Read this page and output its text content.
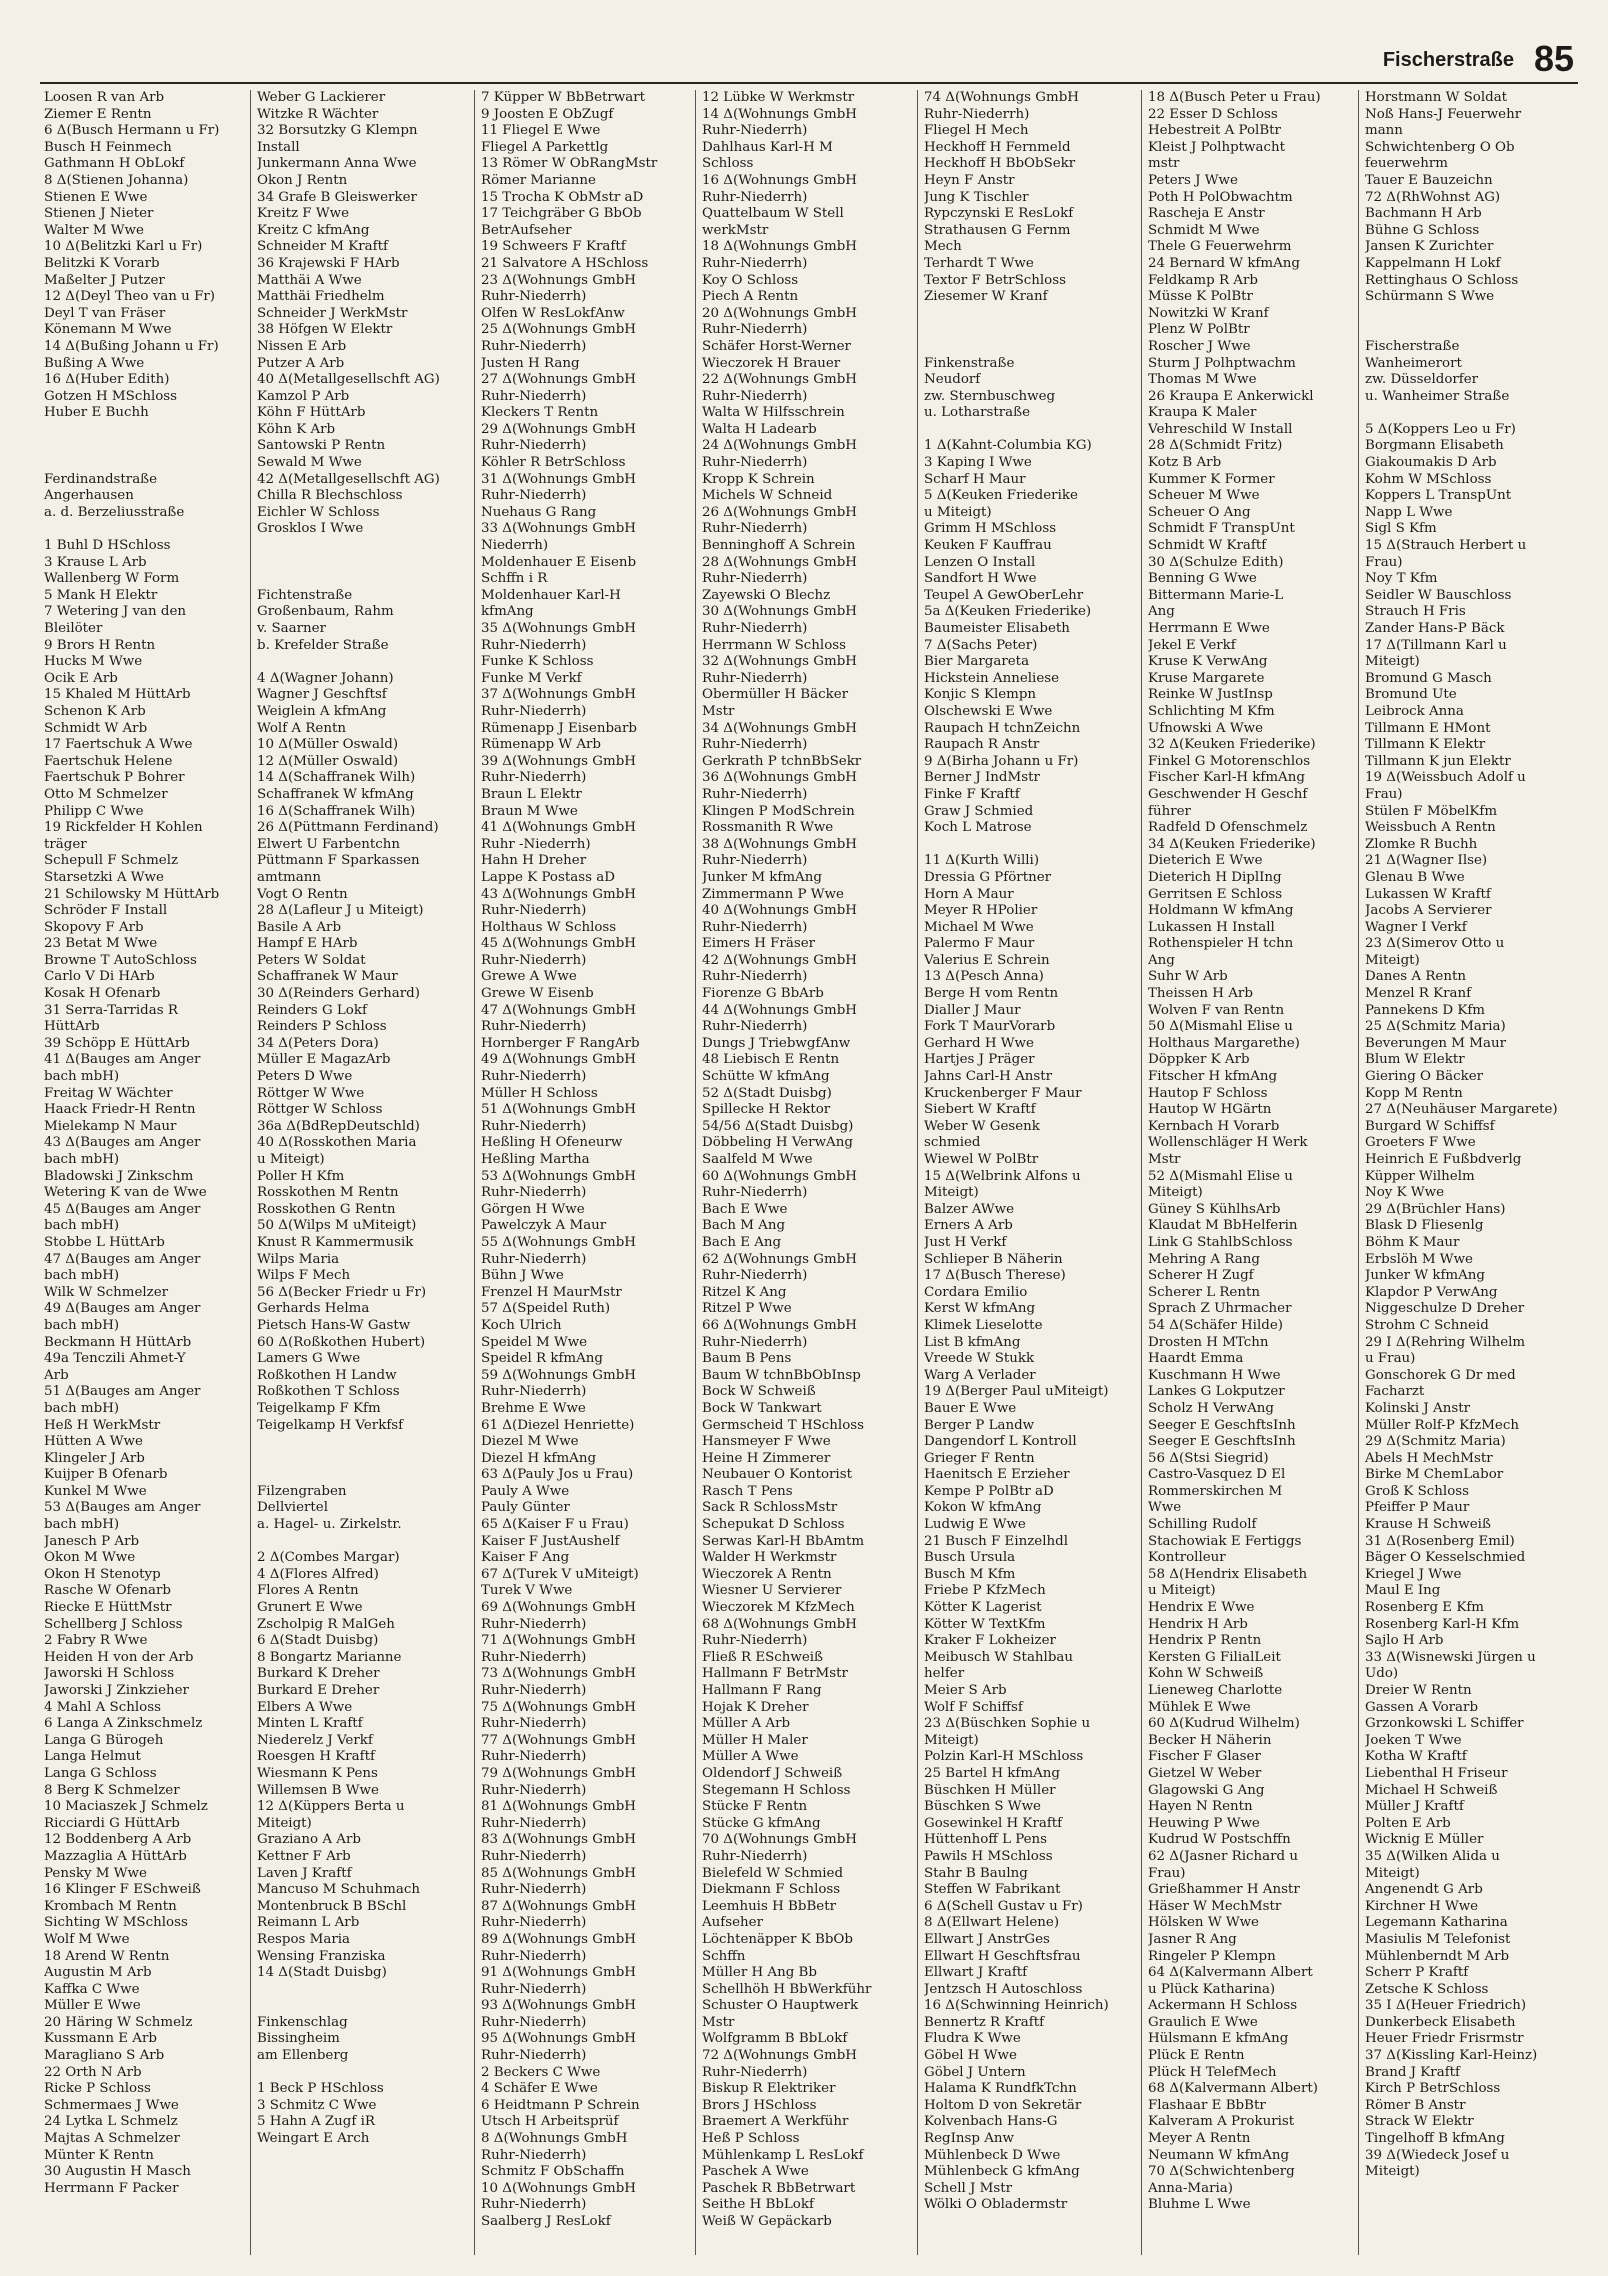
Fischerstraße 85
Loosen R van Arb
Ziemer E Rentn
6 Δ(Busch Hermann u Fr)
Busch H Feinmech
Gathmann H ObLokf
8 Δ(Stienen Johanna)
Stienen E Wwe
Stienen J Nieter
Walter M Wwe
10 Δ(Belitzki Karl u Fr)
Belitzki K Vorarb
Maßelter J Putzer
12 Δ(Deyl Theo van u Fr)
Deyl T van Fräser
Könemann M Wwe
14 Δ(Bußing Johann u Fr)
Bußing A Wwe
16 Δ(Huber Edith)
Gotzen H MSchloss
Huber E Buchh
Ferdinandstraße
Angerhausen
a. d. Berzeliusstraße
1 Buhl D HSchloss
3 Krause L Arb
Wallenberg W Form
5 Mank H Elektr
7 Wetering J van den
Bleilöter
9 Brors H Rentn
Hucks M Wwe
Ocik E Arb
15 Khaled M HüttArb
Schenon K Arb
Schmidt W Arb
17 Faertschuk A Wwe
Faertschuk Helene
Faertschuk P Bohrer
Otto M Schmelzer
Philipp C Wwe
19 Rickfelder H Kohlen
träger
Schepull F Schmelz
Starsetzki A Wwe
21 Schilowsky M HüttArb
Schröder F Install
Skopovy F Arb
23 Betat M Wwe
Browne T AutoSchloss
Carlo V Di HArb
Kosak H Ofenarb
31 Serra-Tarridas R
HüttArb
39 Schöpp E HüttArb
41 Δ(Bauges am Anger
bach mbH)
Freitag W Wächter
Haack Friedr-H Rentn
Mielekamp N Maur
43 Δ(Bauges am Anger
bach mbH)
Bladowski J Zinkschm
Wetering K van de Wwe
45 Δ(Bauges am Anger
bach mbH)
Stobbe L HüttArb
47 Δ(Bauges am Anger
bach mbH)
Wilk W Schmelzer
49 Δ(Bauges am Anger
bach mbH)
Beckmann H HüttArb
49a Tenczili Ahmet-Y
Arb
51 Δ(Bauges am Anger
bach mbH)
Heß H WerkMstr
Hütten A Wwe
Klingeler J Arb
Kuijper B Ofenarb
Kunkel M Wwe
53 Δ(Bauges am Anger
bach mbH)
Janesch P Arb
Okon M Wwe
Okon H Stenotyp
Rasche W Ofenarb
Riecke E HüttMstr
Schellberg J Schloss
2 Fabry R Wwe
Heiden H von der Arb
Jaworski H Schloss
Jaworski J Zinkzieher
4 Mahl A Schloss
6 Langa A Zinkschmelz
Langa G Bürogeh
Langa Helmut
Langa G Schloss
8 Berg K Schmelzer
10 Maciaszek J Schmelz
Ricciardi G HüttArb
12 Boddenberg A Arb
Mazzaglia A HüttArb
Pensky M Wwe
16 Klinger F ESchweiß
Krombach M Rentn
Sichting W MSchloss
Wolf M Wwe
18 Arend W Rentn
Augustin M Arb
Kaffka C Wwe
Müller E Wwe
20 Häring W Schmelz
Kussmann E Arb
Maragliano S Arb
22 Orth N Arb
Ricke P Schloss
Schmermaes J Wwe
24 Lytka L Schmelz
Majtas A Schmelzer
Münter K Rentn
30 Augustin H Masch
Herrmann F Packer
Weber G Lackierer
Witzke R Wächter
32 Borsutzky G Klempn
Install
Junkermann Anna Wwe
Okon J Rentn
34 Grafe B Gleiswerker
Kreitz F Wwe
Kreitz C kfmAng
Schneider M Kraftf
36 Krajewski F HArb
Matthäi A Wwe
Matthäi Friedhelm
Schneider J WerkMstr
38 Höfgen W Elektr
Nissen E Arb
Putzer A Arb
40 Δ(Metallgesellschft AG)
Kamzol P Arb
Köhn F HüttArb
Köhn K Arb
Santowski P Rentn
Sewald M Wwe
42 Δ(Metallgesellschft AG)
Chilla R Blechschloss
Eichler W Schloss
Grosklos I Wwe
Fichtenstraße
Großenbaum, Rahm
v. Saarner
b. Krefelder Straße
4 Δ(Wagner Johann)
Wagner J Geschftsf
Weiglein A kfmAng
Wolf A Rentn
10 Δ(Müller Oswald)
12 Δ(Müller Oswald)
14 Δ(Schaffranek Wilh)
Schaffranek W kfmAng
16 Δ(Schaffranek Wilh)
26 Δ(Püttmann Ferdinand)
Elwert U Farbentchn
Püttmann F Sparkassen
amtmann
Vogt O Rentn
28 Δ(Lafleur J u Miteigt)
Basile A Arb
Hampf E HArb
Peters W Soldat
Schaffranek W Maur
30 Δ(Reinders Gerhard)
Reinders G Lokf
Reinders P Schloss
34 Δ(Peters Dora)
Müller E MagazArb
Peters D Wwe
Röttger W Wwe
Röttger W Schloss
36a Δ(BdRepDeutschld)
40 Δ(Rosskothen Maria
u Miteigt)
Poller H Kfm
Rosskothen M Rentn
Rosskothen G Rentn
50 Δ(Wilps M uMiteigt)
Knust R Kammermusik
Wilps Maria
Wilps F Mech
56 Δ(Becker Friedr u Fr)
Gerhards Helma
Pietsch Hans-W Gastw
60 Δ(Roßkothen Hubert)
Lamers G Wwe
Roßkothen H Landw
Roßkothen T Schloss
Teigelkamp F Kfm
Teigelkamp H Verkfsf
Filzengraben
Dellviertel
a. Hagel- u. Zirkelstr.
2 Δ(Combes Margar)
4 Δ(Flores Alfred)
Flores A Rentn
Grunert E Wwe
Zscholpig R MalGeh
6 Δ(Stadt Duisbg)
8 Bongartz Marianne
Burkard K Dreher
Burkard E Dreher
Elbers A Wwe
Minten L Kraftf
Niederelz J Verkf
Roesgen H Kraftf
Wiesmann K Pens
Willemsen B Wwe
12 Δ(Küppers Berta u
Miteigt)
Graziano A Arb
Kettner F Arb
Laven J Kraftf
Mancuso M Schuhmach
Montenbruck B BSchl
Reimann L Arb
Respos Maria
Wensing Franziska
14 Δ(Stadt Duisbg)
Finkenschlag
Bissingheim
am Ellenberg
1 Beck P HSchloss
3 Schmitz C Wwe
5 Hahn A Zugf iR
Weingart E Arch
7 Küpper W BbBetrwart
9 Joosten E ObZugf
11 Fliegel E Wwe
Fliegel A Parkettlg
13 Römer W ObRangMstr
Römer Marianne
15 Trocha K ObMstr aD
17 Teichgräber G BbOb
BetrAufseher
19 Schweers F Kraftf
21 Salvatore A HSchloss
23 Δ(Wohnungs GmbH
Ruhr-Niederrh)
Olfen W ResLokfAnw
25 Δ(Wohnungs GmbH
Ruhr-Niederrh)
Justen H Rang
27 Δ(Wohnungs GmbH
Ruhr-Niederrh)
Kleckers T Rentn
29 Δ(Wohnungs GmbH
Ruhr-Niederrh)
Köhler R BetrSchloss
31 Δ(Wohnungs GmbH
Ruhr-Niederrh)
Nuehaus G Rang
33 Δ(Wohnungs GmbH
Niederrh)
Moldenhauer E Eisenb
Schffn i R
Moldenhauer Karl-H
kfmAng
35 Δ(Wohnungs GmbH
Ruhr-Niederrh)
Funke K Schloss
Funke M Verkf
37 Δ(Wohnungs GmbH
Ruhr-Niederrh)
Rümenapp J Eisenbarb
Rümenapp W Arb
39 Δ(Wohnungs GmbH
Ruhr-Niederrh)
Braun L Elektr
Braun M Wwe
41 Δ(Wohnungs GmbH
Ruhr -Niederrh)
Hahn H Dreher
Lappe K Postass aD
43 Δ(Wohnungs GmbH
Ruhr-Niederrh)
Holthaus W Schloss
45 Δ(Wohnungs GmbH
Ruhr-Niederrh)
Grewe A Wwe
Grewe W Eisenb
47 Δ(Wohnungs GmbH
Ruhr-Niederrh)
Hornberger F RangArb
49 Δ(Wohnungs GmbH
Ruhr-Niederrh)
Müller H Schloss
51 Δ(Wohnungs GmbH
Ruhr-Niederrh)
Heßling H Ofeneurw
Heßling Martha
53 Δ(Wohnungs GmbH
Ruhr-Niederrh)
Görgen H Wwe
Pawelczyk A Maur
55 Δ(Wohnungs GmbH
Ruhr-Niederrh)
Bühn J Wwe
Frenzel H MaurMstr
57 Δ(Speidel Ruth)
Koch Ulrich
Speidel M Wwe
Speidel R kfmAng
59 Δ(Wohnungs GmbH
Ruhr-Niederrh)
Brehme E Wwe
61 Δ(Diezel Henriette)
Diezel M Wwe
Diezel H kfmAng
63 Δ(Pauly Jos u Frau)
Pauly A Wwe
Pauly Günter
65 Δ(Kaiser F u Frau)
Kaiser F JustAushelf
Kaiser F Ang
67 Δ(Turek V uMiteigt)
Turek V Wwe
69 Δ(Wohnungs GmbH
Ruhr-Niederrh)
71 Δ(Wohnungs GmbH
Ruhr-Niederrh)
73 Δ(Wohnungs GmbH
Ruhr-Niederrh)
75 Δ(Wohnungs GmbH
Ruhr-Niederrh)
77 Δ(Wohnungs GmbH
Ruhr-Niederrh)
79 Δ(Wohnungs GmbH
Ruhr-Niederrh)
81 Δ(Wohnungs GmbH
Ruhr-Niederrh)
83 Δ(Wohnungs GmbH
Ruhr-Niederrh)
85 Δ(Wohnungs GmbH
Ruhr-Niederrh)
87 Δ(Wohnungs GmbH
Ruhr-Niederrh)
89 Δ(Wohnungs GmbH
Ruhr-Niederrh)
91 Δ(Wohnungs GmbH
Ruhr-Niederrh)
93 Δ(Wohnungs GmbH
Ruhr-Niederrh)
95 Δ(Wohnungs GmbH
Ruhr-Niederrh)
2 Beckers C Wwe
4 Schäfer E Wwe
6 Heidtmann P Schrein
Utsch H Arbeitsprüf
8 Δ(Wohnungs GmbH
Ruhr-Niederrh)
Schmitz F ObSchaffn
10 Δ(Wohnungs GmbH
Ruhr-Niederrh)
Saalberg J ResLokf
12 Lübke W Werkmstr
14 Δ(Wohnungs GmbH
Ruhr-Niederrh)
Dahlhaus Karl-H M
Schloss
16 Δ(Wohnungs GmbH
Ruhr-Niederrh)
Quattelbaum W Stell
werkMstr
18 Δ(Wohnungs GmbH
Ruhr-Niederrh)
Koy O Schloss
Piech A Rentn
20 Δ(Wohnungs GmbH
Ruhr-Niederrh)
Schäfer Horst-Werner
Wieczorek H Brauer
22 Δ(Wohnungs GmbH
Ruhr-Niederrh)
Walta W Hilfsschrein
Walta H Ladearb
24 Δ(Wohnungs GmbH
Ruhr-Niederrh)
Kropp K Schrein
Michels W Schneid
26 Δ(Wohnungs GmbH
Ruhr-Niederrh)
Benninghoff A Schrein
28 Δ(Wohnungs GmbH
Ruhr-Niederrh)
Zayewski O Blechz
30 Δ(Wohnungs GmbH
Ruhr-Niederrh)
Herrmann W Schloss
32 Δ(Wohnungs GmbH
Ruhr-Niederrh)
Obermüller H Bäcker
Mstr
34 Δ(Wohnungs GmbH
Ruhr-Niederrh)
Gerkrath P tchnBbSekr
36 Δ(Wohnungs GmbH
Ruhr-Niederrh)
Klingen P ModSchrein
Rossmanith R Wwe
38 Δ(Wohnungs GmbH
Ruhr-Niederrh)
Junker M kfmAng
Zimmermann P Wwe
40 Δ(Wohnungs GmbH
Ruhr-Niederrh)
Eimers H Fräser
42 Δ(Wohnungs GmbH
Ruhr-Niederrh)
Fiorenze G BbArb
44 Δ(Wohnungs GmbH
Ruhr-Niederrh)
Dungs J TriebwgfAnw
48 Liebisch E Rentn
Schütte W kfmAng
52 Δ(Stadt Duisbg)
Spillecke H Rektor
54/56 Δ(Stadt Duisbg)
Döbbeling H VerwAng
Saalfeld M Wwe
60 Δ(Wohnungs GmbH
Ruhr-Niederrh)
Bach E Wwe
Bach M Ang
Bach E Ang
62 Δ(Wohnungs GmbH
Ruhr-Niederrh)
Ritzel K Ang
Ritzel P Wwe
66 Δ(Wohnungs GmbH
Ruhr-Niederrh)
Baum B Pens
Baum W tchnBbObInsp
Bock W Schweiß
Bock W Tankwart
Germscheid T HSchloss
Hansmeyer F Wwe
Heine H Zimmerer
Neubauer O Kontorist
Rasch T Pens
Sack R SchlossMstr
Schepukat D Schloss
Serwas Karl-H BbAmtm
Walder H Werkmstr
Wieczorek A Rentn
Wiesner U Servierer
Wieczorek M KfzMech
68 Δ(Wohnungs GmbH
Ruhr-Niederrh)
Fließ R ESchweiß
Hallmann F BetrMstr
Hallmann F Rang
Hojak K Dreher
Müller A Arb
Müller H Maler
Müller A Wwe
Oldendorf J Schweiß
Stegemann H Schloss
Stücke F Rentn
Stücke G kfmAng
70 Δ(Wohnungs GmbH
Ruhr-Niederrh)
Bielefeld W Schmied
Diekmann F Schloss
Leemhuis H BbBetr
Aufseher
Löchtenäpper K BbOb
Schffn
Müller H Ang Bb
Schellhöh H BbWerkführ
Schuster O Hauptwerk
Mstr
Wolfgramm B BbLokf
72 Δ(Wohnungs GmbH
Ruhr-Niederrh)
Biskup R Elektriker
Brors J HSchloss
Braemert A Werkführ
Heß P Schloss
Mühlenkamp L ResLokf
Paschek A Wwe
Paschek R BbBetrwart
Seithe H BbLokf
Weiß W Gepäckarb
74 Δ(Wohnungs GmbH
Ruhr-Niederrh)
Fliegel H Mech
Heckhoff H Fernmeld
Heckhoff H BbObSekr
Heyn F Anstr
Jung K Tischler
Rypczynski E ResLokf
Strathausen G Fernm
Mech
Terhardt T Wwe
Textor F BetrSchloss
Ziesemer W Kranf
Finkenstraße
Neudorf
zw. Sternbuschweg
u. Lotharstraße
1 Δ(Kahnt-Columbia KG)
3 Kaping I Wwe
Scharf H Maur
5 Δ(Keuken Friederike
u Miteigt)
Grimm H MSchloss
Keuken F Kauffrau
Lenzen O Install
Sandfort H Wwe
Teupel A GewOberLehr
5a Δ(Keuken Friederike)
Baumeister Elisabeth
7 Δ(Sachs Peter)
Bier Margareta
Hickstein Anneliese
Konjic S Klempn
Olschewski E Wwe
Raupach H tchnZeichn
Raupach R Anstr
9 Δ(Birha Johann u Fr)
Berner J IndMstr
Finke F Kraftf
Graw J Schmied
Koch L Matrose
11 Δ(Kurth Willi)
Dressia G Pförtner
Horn A Maur
Meyer R HPolier
Michael M Wwe
Palermo F Maur
Valerius E Schrein
13 Δ(Pesch Anna)
Berge H vom Rentn
Dialler J Maur
Fork T MaurVorarb
Gerhard H Wwe
Hartjes J Präger
Jahns Carl-H Anstr
Kruckenberger F Maur
Siebert W Kraftf
Weber W Gesenk
schmied
Wiewel W PolBtr
15 Δ(Welbrink Alfons u
Miteigt)
Balzer AWwe
Erners A Arb
Just H Verkf
Schlieper B Näherin
17 Δ(Busch Therese)
Cordara Emilio
Kerst W kfmAng
Klimek Lieselotte
List B kfmAng
Vreede W Stukk
Warg A Verlader
19 Δ(Berger Paul uMiteigt)
Bauer E Wwe
Berger P Landw
Dangendorf L Kontroll
Grieger F Rentn
Haenitsch E Erzieher
Kempe P PolBtr aD
Kokon W kfmAng
Ludwig E Wwe
21 Busch F Einzelhdl
Busch Ursula
Busch M Kfm
Friebe P KfzMech
Kötter K Lagerist
Kötter W TextKfm
Kraker F Lokheizer
Meibusch W Stahlbau
helfer
Meier S Arb
Wolf F Schiffsf
23 Δ(Büschken Sophie u
Miteigt)
Polzin Karl-H MSchloss
25 Bartel H kfmAng
Büschken H Müller
Büschken S Wwe
Gosewinkel H Kraftf
Hüttenhoff L Pens
Pawils H MSchloss
Stahr B Baulng
Steffen W Fabrikant
6 Δ(Schell Gustav u Fr)
8 Δ(Ellwart Helene)
Ellwart J AnstrGes
Ellwart H Geschftsfrau
Ellwart J Kraftf
Jentzsch H Autoschloss
16 Δ(Schwinning Heinrich)
Bennertz R Kraftf
Fludra K Wwe
Göbel H Wwe
Göbel J Untern
Halama K RundfkTchn
Holtom D von Sekretär
Kolvenbach Hans-G
RegInsp Anw
Mühlenbeck D Wwe
Mühlenbeck G kfmAng
Schell J Mstr
Wölki O Obladermstr
18 Δ(Busch Peter u Frau)
22 Esser D Schloss
Hebestreit A PolBtr
Kleist J Polhptwacht
mstr
Peters J Wwe
Poth H PolObwachtm
Rascheja E Anstr
Schmidt M Wwe
Thele G Feuerwehrm
24 Bernard W kfmAng
Feldkamp R Arb
Müsse K PolBtr
Nowitzki W Kranf
Plenz W PolBtr
Roscher J Wwe
Sturm J Polhptwachm
Thomas M Wwe
26 Kraupa E Ankerwickl
Kraupa K Maler
Vehreschild W Install
28 Δ(Schmidt Fritz)
Kotz B Arb
Kummer K Former
Scheuer M Wwe
Scheuer O Ang
Schmidt F TranspUnt
Schmidt W Kraftf
30 Δ(Schulze Edith)
Benning G Wwe
Bittermann Marie-L
Ang
Herrmann E Wwe
Jekel E Verkf
Kruse K VerwAng
Kruse Margarete
Reinke W JustInsp
Schlichting M Kfm
Ufnowski A Wwe
32 Δ(Keuken Friederike)
Finkel G Motorenschlos
Fischer Karl-H kfmAng
Geschwender H Geschf
führer
Radfeld D Ofenschmelz
34 Δ(Keuken Friederike)
Dieterich E Wwe
Dieterich H DiplIng
Gerritsen E Schloss
Holdmann W kfmAng
Lukassen H Install
Rothenspieler H tchn
Ang
Suhr W Arb
Theissen H Arb
Wolven F van Rentn
50 Δ(Mismahl Elise u
Holthaus Margarethe)
Döppker K Arb
Fitscher H kfmAng
Hautop F Schloss
Hautop W HGärtn
Kernbach H Vorarb
Wollenschläger H Werk
Mstr
52 Δ(Mismahl Elise u
Miteigt)
Güney S KühlhsArb
Klaudat M BbHelferin
Link G StahlbSchloss
Mehring A Rang
Scherer H Zugf
Scherer L Rentn
Sprach Z Uhrmacher
54 Δ(Schäfer Hilde)
Drosten H MTchn
Haardt Emma
Kuschmann H Wwe
Lankes G Lokputzer
Scholz H VerwAng
Seeger E GeschftsInh
Seeger E GeschftsInh
56 Δ(Stsi Siegrid)
Castro-Vasquez D El
Rommerskirchen M
Wwe
Schilling Rudolf
Stachowiak E Fertiggs
Kontrolleur
58 Δ(Hendrix Elisabeth
u Miteigt)
Hendrix E Wwe
Hendrix H Arb
Hendrix P Rentn
Kersten G FilialLeit
Kohn W Schweiß
Lieneweg Charlotte
Mühlek E Wwe
60 Δ(Kudrud Wilhelm)
Becker H Näherin
Fischer F Glaser
Gietzel W Weber
Glagowski G Ang
Hayen N Rentn
Heuwing P Wwe
Kudrud W Postschffn
62 Δ(Jasner Richard u
Frau)
Grießhammer H Anstr
Häser W MechMstr
Hölsken W Wwe
Jasner R Ang
Ringeler P Klempn
64 Δ(Kalvermann Albert
u Plück Katharina)
Ackermann H Schloss
Graulich E Wwe
Hülsmann E kfmAng
Plück E Rentn
Plück H TelefMech
68 Δ(Kalvermann Albert)
Flashaar E BbBtr
Kalveram A Prokurist
Meyer A Rentn
Neumann W kfmAng
70 Δ(Schwichtenberg
Anna-Maria)
Bluhme L Wwe
Horstmann W Soldat
Noß Hans-J Feuerwehr
mann
Schwichtenberg O Ob
feuerwehrm
Tauer E Bauzeichn
72 Δ(RhWohnst AG)
Bachmann H Arb
Bühne G Schloss
Jansen K Zurichter
Kappelmann H Lokf
Rettinghaus O Schloss
Schürmann S Wwe
Fischerstraße
Wanheimerort
zw. Düsseldorfer
u. Wanheimer Straße
5 Δ(Koppers Leo u Fr)
Borgmann Elisabeth
Giakoumakis D Arb
Kohm W MSchloss
Koppers L TranspUnt
Napp L Wwe
Sigl S Kfm
15 Δ(Strauch Herbert u
Frau)
Noy T Kfm
Seidler W Bauschloss
Strauch H Fris
Zander Hans-P Bäck
17 Δ(Tillmann Karl u
Miteigt)
Bromund G Masch
Bromund Ute
Leibrock Anna
Tillmann E HMont
Tillmann K Elektr
Tillmann K jun Elektr
19 Δ(Weissbuch Adolf u
Frau)
Stülen F MöbelKfm
Weissbuch A Rentn
Zlomke R Buchh
21 Δ(Wagner Ilse)
Glenau B Wwe
Lukassen W Kraftf
Jacobs A Servierer
Wagner I Verkf
23 Δ(Simerov Otto u
Miteigt)
Danes A Rentn
Menzel R Kranf
Pannekens D Kfm
25 Δ(Schmitz Maria)
Beverungen M Maur
Blum W Elektr
Giering O Bäcker
Kopp M Rentn
27 Δ(Neuhäuser Margarete)
Burgard W Schiffsf
Groeters F Wwe
Heinrich E Fußbdverlg
Küpper Wilhelm
Noy K Wwe
29 Δ(Brüchler Hans)
Blask D Fliesenlg
Böhm K Maur
Erbslöh M Wwe
Junker W kfmAng
Klapdor P VerwAng
Niggeschulze D Dreher
Strohm C Schneid
29 I Δ(Rehring Wilhelm
u Frau)
Gonschorek G Dr med
Facharzt
Kolinski J Anstr
Müller Rolf-P KfzMech
29 Δ(Schmitz Maria)
Abels H MechMstr
Birke M ChemLabor
Groß K Schloss
Pfeiffer P Maur
Krause H Schweiß
31 Δ(Rosenberg Emil)
Bäger O Kesselschmied
Kriegel J Wwe
Maul E Ing
Rosenberg E Kfm
Rosenberg Karl-H Kfm
Sajlo H Arb
33 Δ(Wisnewski Jürgen u
Udo)
Dreier W Rentn
Gassen A Vorarb
Grzonkowski L Schiffer
Joeken T Wwe
Kotha W Kraftf
Liebenthal H Friseur
Michael H Schweiß
Müller J Kraftf
Polten E Arb
Wicknig E Müller
35 Δ(Wilken Alida u
Miteigt)
Angenendt G Arb
Kirchner H Wwe
Legemann Katharina
Masiulis M Telefonist
Mühlenberndt M Arb
Scherr P Kraftf
Zetsche K Schloss
35 I Δ(Heuer Friedrich)
Dunkerbeck Elisabeth
Heuer Friedr Frisrmstr
37 Δ(Kissling Karl-Heinz)
Brand J Kraftf
Kirch P BetrSchloss
Römer B Anstr
Strack W Elektr
Tingelhoff B kfmAng
39 Δ(Wiedeck Josef u
Miteigt)
